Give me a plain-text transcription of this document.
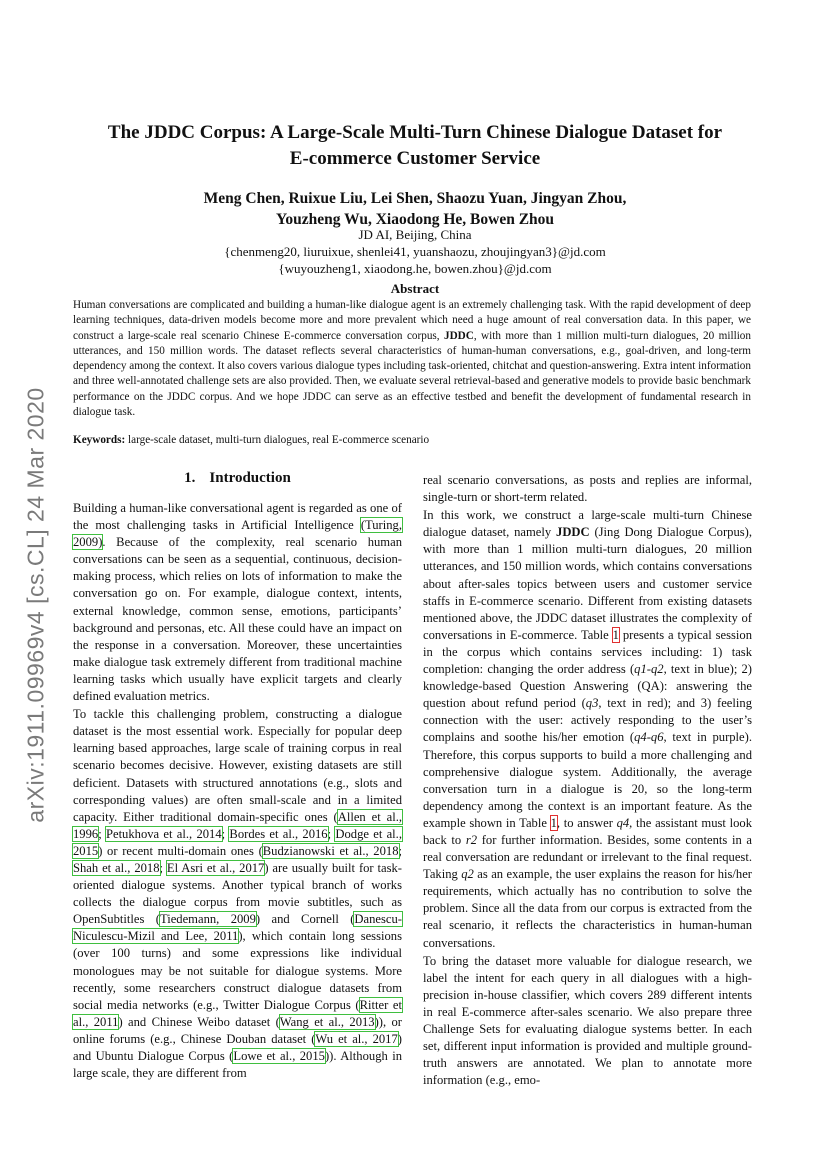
arXiv:1911.09969v4 [cs.CL] 24 Mar 2020
The JDDC Corpus: A Large-Scale Multi-Turn Chinese Dialogue Dataset for
E-commerce Customer Service
Meng Chen, Ruixue Liu, Lei Shen, Shaozu Yuan, Jingyan Zhou,
Youzheng Wu, Xiaodong He, Bowen Zhou
JD AI, Beijing, China
{chenmeng20, liuruixue, shenlei41, yuanshaozu, zhoujingyan3}@jd.com
{wuyouzheng1, xiaodong.he, bowen.zhou}@jd.com
Abstract
Human conversations are complicated and building a human-like dialogue agent is an extremely challenging task. With the rapid development of deep learning techniques, data-driven models become more and more prevalent which need a huge amount of real conversation data. In this paper, we construct a large-scale real scenario Chinese E-commerce conversation corpus, JDDC, with more than 1 million multi-turn dialogues, 20 million utterances, and 150 million words. The dataset reflects several characteristics of human-human conversations, e.g., goal-driven, and long-term dependency among the context. It also covers various dialogue types including task-oriented, chitchat and question-answering. Extra intent information and three well-annotated challenge sets are also provided. Then, we evaluate several retrieval-based and generative models to provide basic benchmark performance on the JDDC corpus. And we hope JDDC can serve as an effective testbed and benefit the development of fundamental research in dialogue task.
Keywords: large-scale dataset, multi-turn dialogues, real E-commerce scenario
1. Introduction

Building a human-like conversational agent is regarded as one of the most challenging tasks in Artificial Intelligence (Turing, 2009). Because of the complexity, real scenario human conversations can be seen as a sequential, continuous, decision-making process, which relies on lots of information to make the conversation go on. For example, dialogue context, intents, external knowledge, common sense, emotions, participants’ background and personas, etc. All these could have an impact on the response in a conversation. Moreover, these uncertainties make dialogue task extremely different from traditional machine learning tasks which usually have explicit targets and clearly defined evaluation metrics.

To tackle this challenging problem, constructing a dialogue dataset is the most essential work. Especially for popular deep learning based approaches, large scale of training corpus in real scenario becomes decisive. However, existing datasets are still deficient. Datasets with structured annotations (e.g., slots and corresponding values) are often small-scale and in a limited capacity. Either traditional domain-specific ones (Allen et al., 1996; Petukhova et al., 2014; Bordes et al., 2016; Dodge et al., 2015) or recent multi-domain ones (Budzianowski et al., 2018; Shah et al., 2018; El Asri et al., 2017) are usually built for task-oriented dialogue systems. Another typical branch of works collects the dialogue corpus from movie subtitles, such as OpenSubtitles (Tiedemann, 2009) and Cornell (Danescu-Niculescu-Mizil and Lee, 2011), which contain long sessions (over 100 turns) and some expressions like individual monologues may be not suitable for dialogue systems. More recently, some researchers construct dialogue datasets from social media networks (e.g., Twitter Dialogue Corpus (Ritter et al., 2011) and Chinese Weibo dataset (Wang et al., 2013)), or online forums (e.g., Chinese Douban dataset (Wu et al., 2017) and Ubuntu Dialogue Corpus (Lowe et al., 2015)). Although in large scale, they are different from

real scenario conversations, as posts and replies are informal, single-turn or short-term related.

In this work, we construct a large-scale multi-turn Chinese dialogue dataset, namely JDDC (Jing Dong Dialogue Corpus), with more than 1 million multi-turn dialogues, 20 million utterances, and 150 million words, which contains conversations about after-sales topics between users and customer service staffs in E-commerce scenario. Different from existing datasets mentioned above, the JDDC dataset illustrates the complexity of conversations in E-commerce. Table 1 presents a typical session in the corpus which contains services including: 1) task completion: changing the order address (q1-q2, text in blue); 2) knowledge-based Question Answering (QA): answering the question about refund period (q3, text in red); and 3) feeling connection with the user: actively responding to the user’s complains and soothe his/her emotion (q4-q6, text in purple). Therefore, this corpus supports to build a more challenging and comprehensive dialogue system. Additionally, the average conversation turn in a dialogue is 20, so the long-term dependency among the context is an important feature. As the example shown in Table 1, to answer q4, the assistant must look back to r2 for further information. Besides, some contents in a real conversation are redundant or irrelevant to the final request. Taking q2 as an example, the user explains the reason for his/her requirements, which actually has no contribution to solve the problem. Since all the data from our corpus is extracted from the real scenario, it reflects the characteristics in human-human conversations.

To bring the dataset more valuable for dialogue research, we label the intent for each query in all dialogues with a high-precision in-house classifier, which covers 289 different intents in real E-commerce after-sales scenario. We also prepare three Challenge Sets for evaluating dialogue systems better. In each set, different input information is provided and multiple ground-truth answers are annotated. We plan to annotate more information (e.g., emo-
